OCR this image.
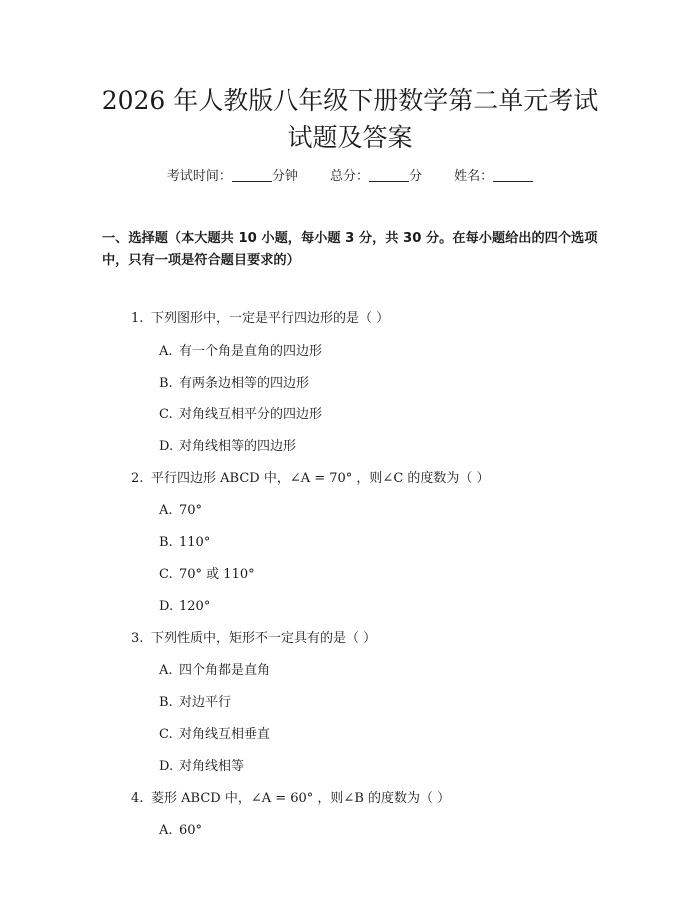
2026 年人教版八年级下册数学第二单元考试
试题及答案
考试时间：	分钟 总分：	分 姓名：
一、选择题（本大题共 10 小题，每小题 3 分，共 30 分。在每小题给出的四个选项中，只有一项是符合题目要求的）
1. 下列图形中，一定是平行四边形的是（ ）
A. 有一个角是直角的四边形
B. 有两条边相等的四边形
C. 对角线互相平分的四边形
D. 对角线相等的四边形
2. 平行四边形 ABCD 中，∠A = 70° ，则∠C 的度数为（ ）
A. 70°
B. 110°
C. 70° 或 110°
D. 120°
3. 下列性质中，矩形不一定具有的是（ ）
A. 四个角都是直角
B. 对边平行
C. 对角线互相垂直
D. 对角线相等
4. 菱形 ABCD 中，∠A = 60° ，则∠B 的度数为（ ）
A. 60°
